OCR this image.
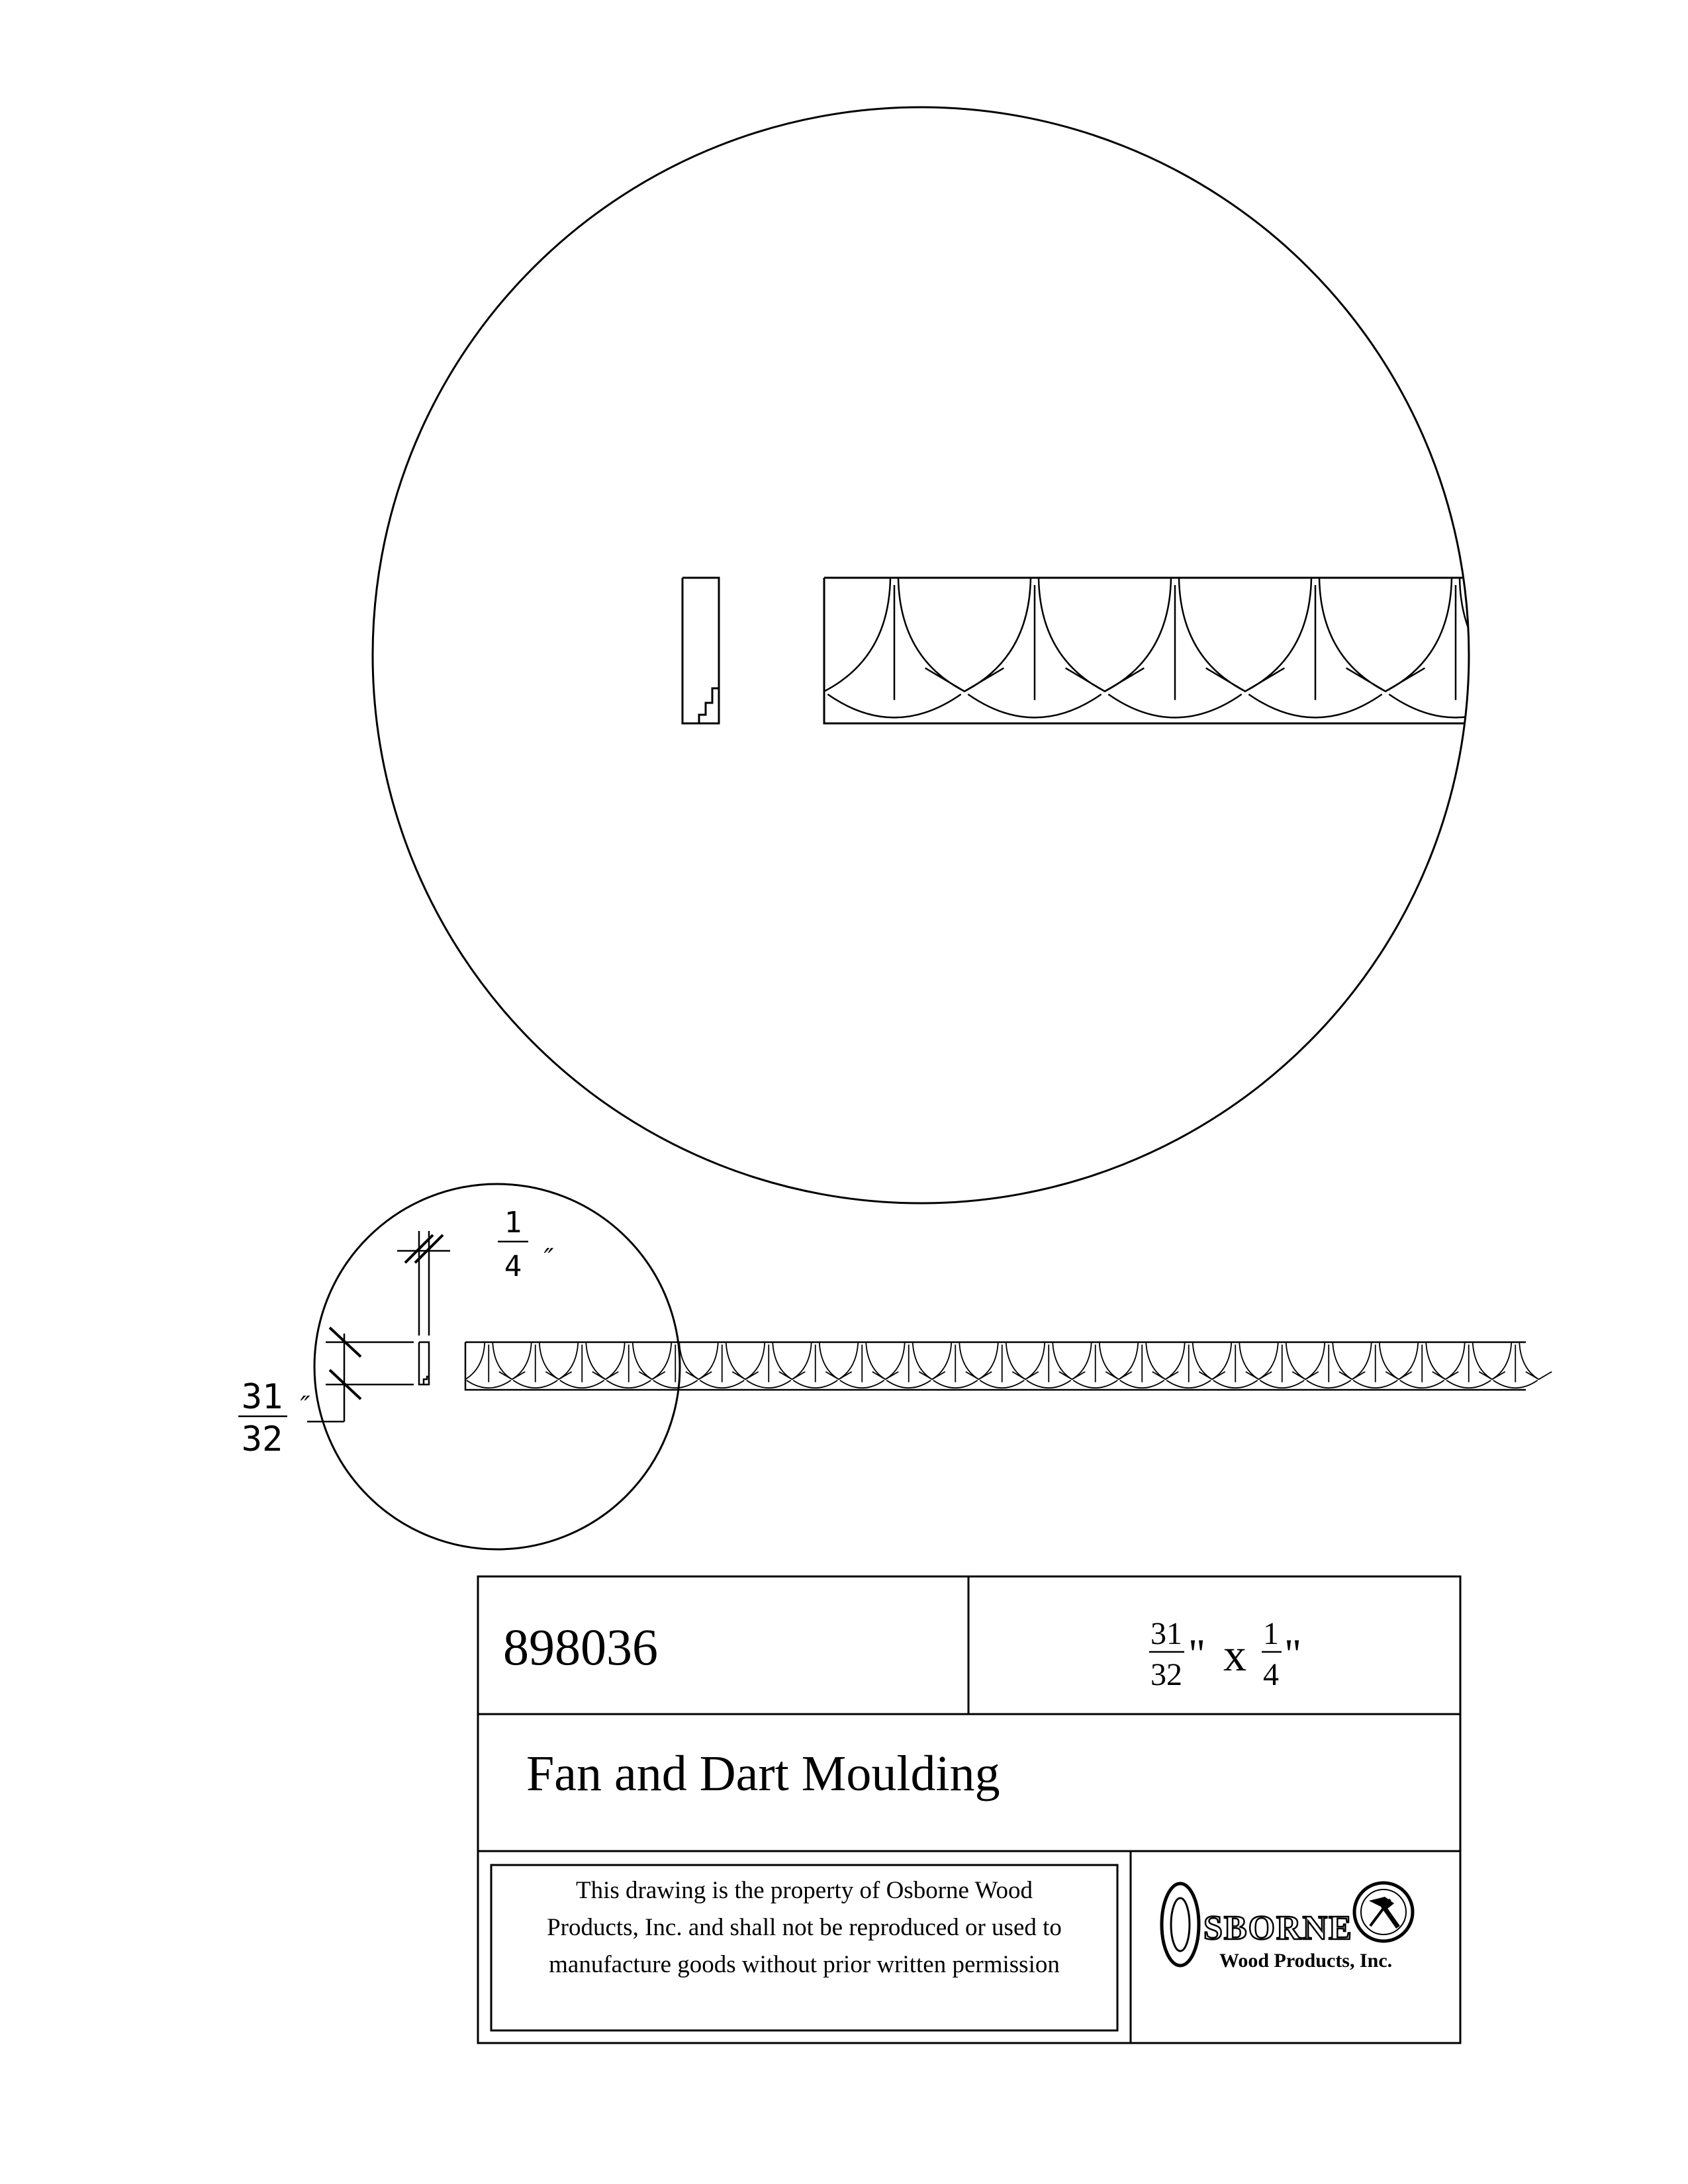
1
4 ″
31
32
″
898036	31
32 " x 1
4 "
Fan and Dart Moulding
This drawing is the property of Osborne Wood
Products, Inc. and shall not be reproduced or used to
manufacture goods without prior written permission
O SBORNE
Wood Products, Inc.
